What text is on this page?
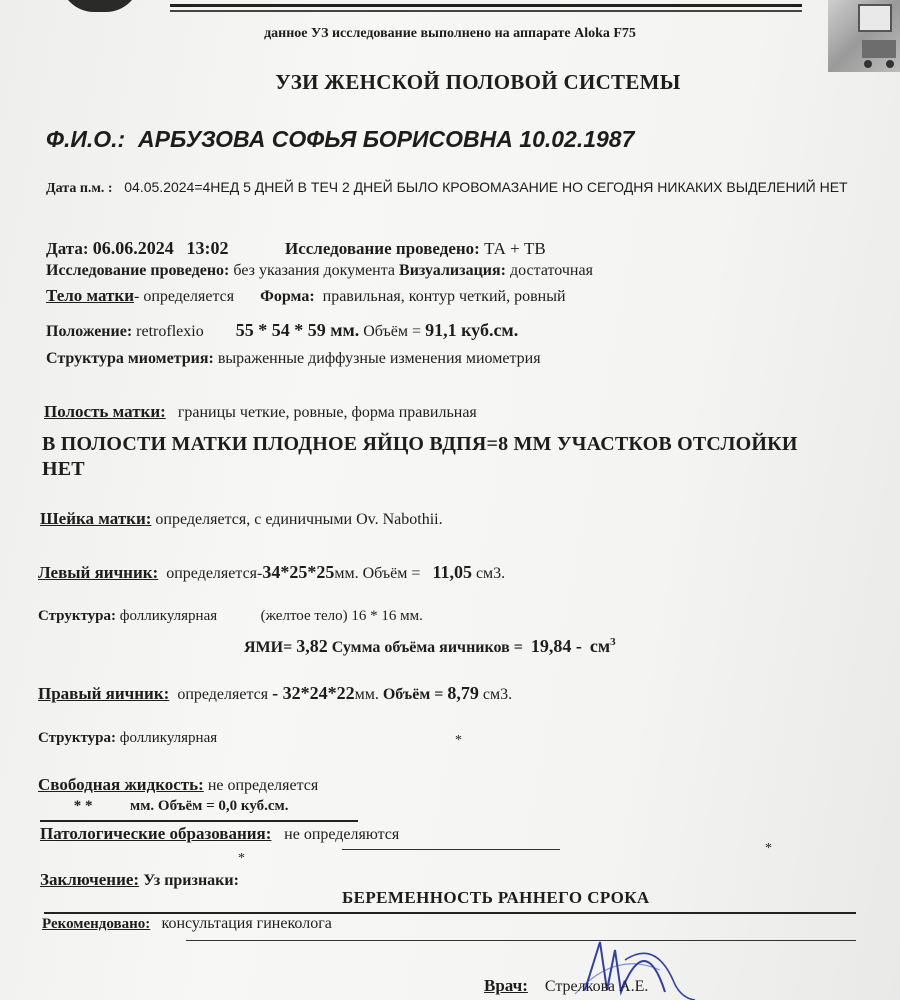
данное УЗ исследование выполнено на аппарате Aloka F75
УЗИ ЖЕНСКОЙ ПОЛОВОЙ СИСТЕМЫ
Ф.И.О.: АРБУЗОВА СОФЬЯ БОРИСОВНА 10.02.1987
Дата п.м. : 04.05.2024=4НЕД 5 ДНЕЙ В ТЕЧ 2 ДНЕЙ БЫЛО КРОВОМАЗАНИЕ НО СЕГОДНЯ НИКАКИХ ВЫДЕЛЕНИЙ НЕТ
Дата: 06.06.2024 13:02	Исследование проведено: ТА + ТВ
Исследование проведено: без указания документа Визуализация: достаточная
Тело матки- определяется Форма: правильная, контур четкий, ровный
Положение: retroflexio 55 * 54 * 59 мм. Объём = 91,1 куб.см.
Структура миометрия: выраженные диффузные изменения миометрия
Полость матки: границы четкие, ровные, форма правильная
В ПОЛОСТИ МАТКИ ПЛОДНОЕ ЯЙЦО ВДПЯ=8 ММ УЧАСТКОВ ОТСЛОЙКИ НЕТ
Шейка матки: определяется, с единичными Ov. Nabothii.
Левый яичник: определяется-34*25*25мм. Объём = 11,05 см3.
Структура: фолликулярная	(желтое тело) 16 * 16 мм.
ЯМИ= 3,82 Сумма объёма яичников = $19,84 - см^3$
Правый яичник: определяется - 32*24*22мм. Объём = 8,79 см3.
Структура: фолликулярная	*
Свободная жидкость: не определяется
* *	мм. Объём = 0,0 куб.см.
Патологические образования: не определяются
*
*
Заключение: Уз признаки:
БЕРЕМЕННОСТЬ РАННЕГО СРОКА
Рекомендовано: консультация гинеколога
Врач: Стрелкова А.Е.
